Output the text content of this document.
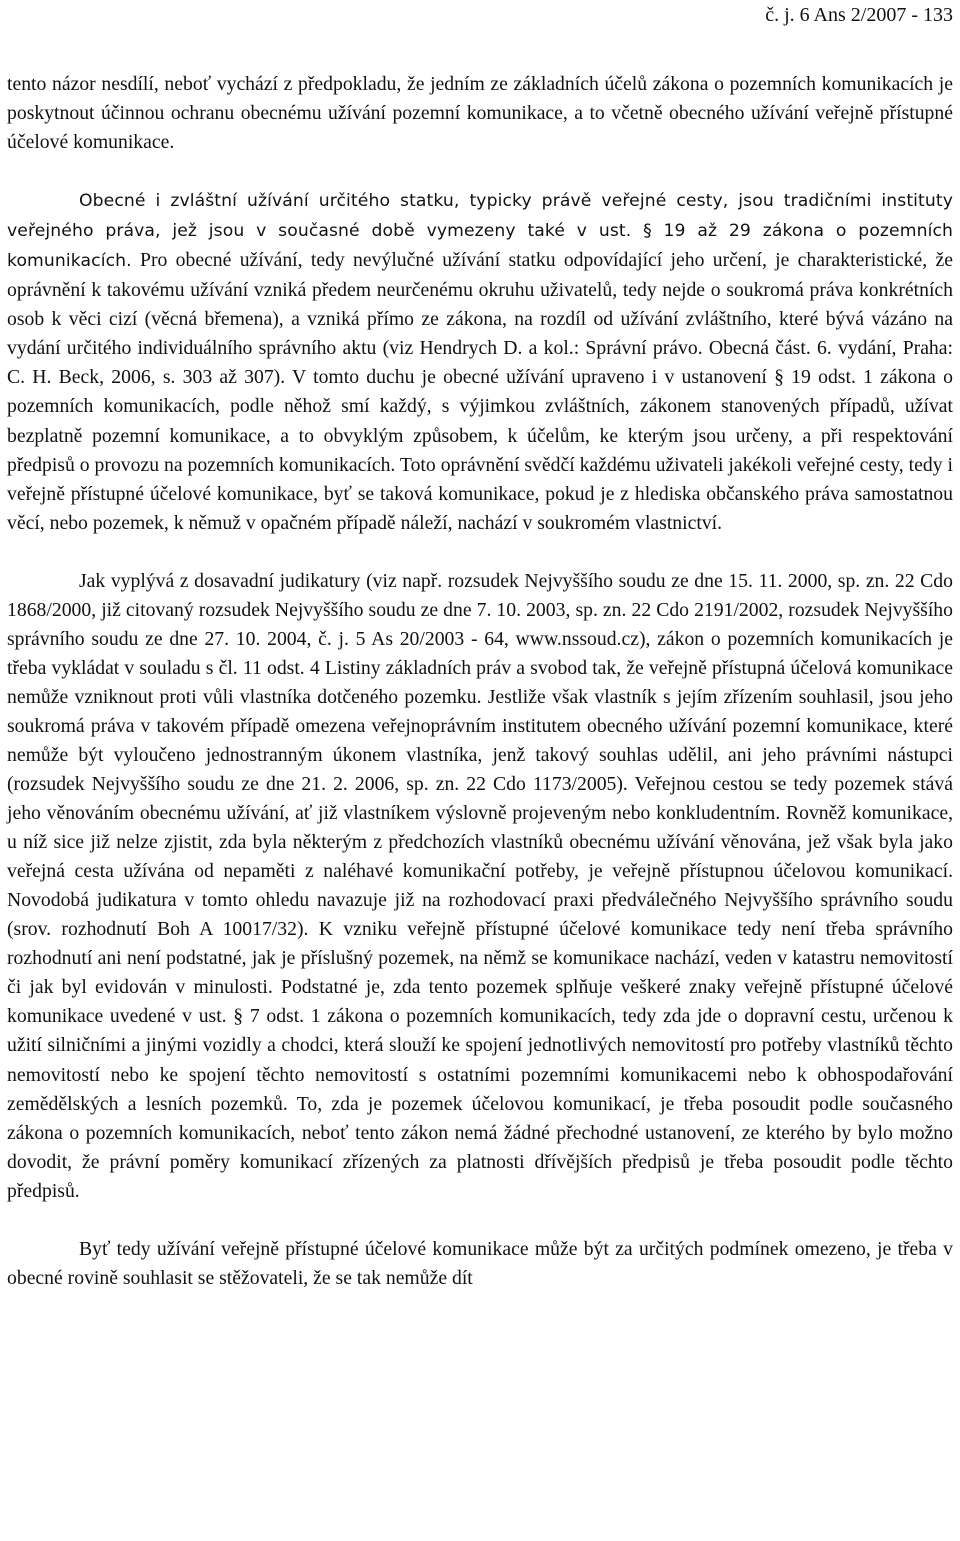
č. j. 6 Ans 2/2007 - 133

tento názor nesdílí, neboť vychází z předpokladu, že jedním ze základních účelů zákona o pozemních komunikacích je poskytnout účinnou ochranu obecnému užívání pozemní komunikace, a to včetně obecného užívání veřejně přístupné účelové komunikace.

Obecné i zvláštní užívání určitého statku, typicky právě veřejné cesty, jsou tradičními instituty veřejného práva, jež jsou v současné době vymezeny také v ust. § 19 až 29 zákona o pozemních komunikacích. Pro obecné užívání, tedy nevýlučné užívání statku odpovídající jeho určení, je charakteristické, že oprávnění k takovému užívání vzniká předem neurčenému okruhu uživatelů, tedy nejde o soukromá práva konkrétních osob k věci cizí (věcná břemena), a vzniká přímo ze zákona, na rozdíl od užívání zvláštního, které bývá vázáno na vydání určitého individuálního správního aktu (viz Hendrych D. a kol.: Správní právo. Obecná část. 6. vydání, Praha: C. H. Beck, 2006, s. 303 až 307). V tomto duchu je obecné užívání upraveno i v ustanovení § 19 odst. 1 zákona o pozemních komunikacích, podle něhož smí každý, s výjimkou zvláštních, zákonem stanovených případů, užívat bezplatně pozemní komunikace, a to obvyklým způsobem, k účelům, ke kterým jsou určeny, a při respektování předpisů o provozu na pozemních komunikacích. Toto oprávnění svědčí každému uživateli jakékoli veřejné cesty, tedy i veřejně přístupné účelové komunikace, byť se taková komunikace, pokud je z hlediska občanského práva samostatnou věcí, nebo pozemek, k němuž v opačném případě náleží, nachází v soukromém vlastnictví.

Jak vyplývá z dosavadní judikatury (viz např. rozsudek Nejvyššího soudu ze dne 15. 11. 2000, sp. zn. 22 Cdo 1868/2000, již citovaný rozsudek Nejvyššího soudu ze dne 7. 10. 2003, sp. zn. 22 Cdo 2191/2002, rozsudek Nejvyššího správního soudu ze dne 27. 10. 2004, č. j. 5 As 20/2003 - 64, www.nssoud.cz), zákon o pozemních komunikacích je třeba vykládat v souladu s čl. 11 odst. 4 Listiny základních práv a svobod tak, že veřejně přístupná účelová komunikace nemůže vzniknout proti vůli vlastníka dotčeného pozemku. Jestliže však vlastník s jejím zřízením souhlasil, jsou jeho soukromá práva v takovém případě omezena veřejnoprávním institutem obecného užívání pozemní komunikace, které nemůže být vyloučeno jednostranným úkonem vlastníka, jenž takový souhlas udělil, ani jeho právními nástupci (rozsudek Nejvyššího soudu ze dne 21. 2. 2006, sp. zn. 22 Cdo 1173/2005). Veřejnou cestou se tedy pozemek stává jeho věnováním obecnému užívání, ať již vlastníkem výslovně projeveným nebo konkludentním. Rovněž komunikace, u níž sice již nelze zjistit, zda byla některým z předchozích vlastníků obecnému užívání věnována, jež však byla jako veřejná cesta užívána od nepaměti z naléhavé komunikační potřeby, je veřejně přístupnou účelovou komunikací. Novodobá judikatura v tomto ohledu navazuje již na rozhodovací praxi předválečného Nejvyššího správního soudu (srov. rozhodnutí Boh A 10017/32). K vzniku veřejně přístupné účelové komunikace tedy není třeba správního rozhodnutí ani není podstatné, jak je příslušný pozemek, na němž se komunikace nachází, veden v katastru nemovitostí či jak byl evidován v minulosti. Podstatné je, zda tento pozemek splňuje veškeré znaky veřejně přístupné účelové komunikace uvedené v ust. § 7 odst. 1 zákona o pozemních komunikacích, tedy zda jde o dopravní cestu, určenou k užití silničními a jinými vozidly a chodci, která slouží ke spojení jednotlivých nemovitostí pro potřeby vlastníků těchto nemovitostí nebo ke spojení těchto nemovitostí s ostatními pozemními komunikacemi nebo k obhospodařování zemědělských a lesních pozemků. To, zda je pozemek účelovou komunikací, je třeba posoudit podle současného zákona o pozemních komunikacích, neboť tento zákon nemá žádné přechodné ustanovení, ze kterého by bylo možno dovodit, že právní poměry komunikací zřízených za platnosti dřívějších předpisů je třeba posoudit podle těchto předpisů.

Byť tedy užívání veřejně přístupné účelové komunikace může být za určitých podmínek omezeno, je třeba v obecné rovině souhlasit se stěžovateli, že se tak nemůže dít
